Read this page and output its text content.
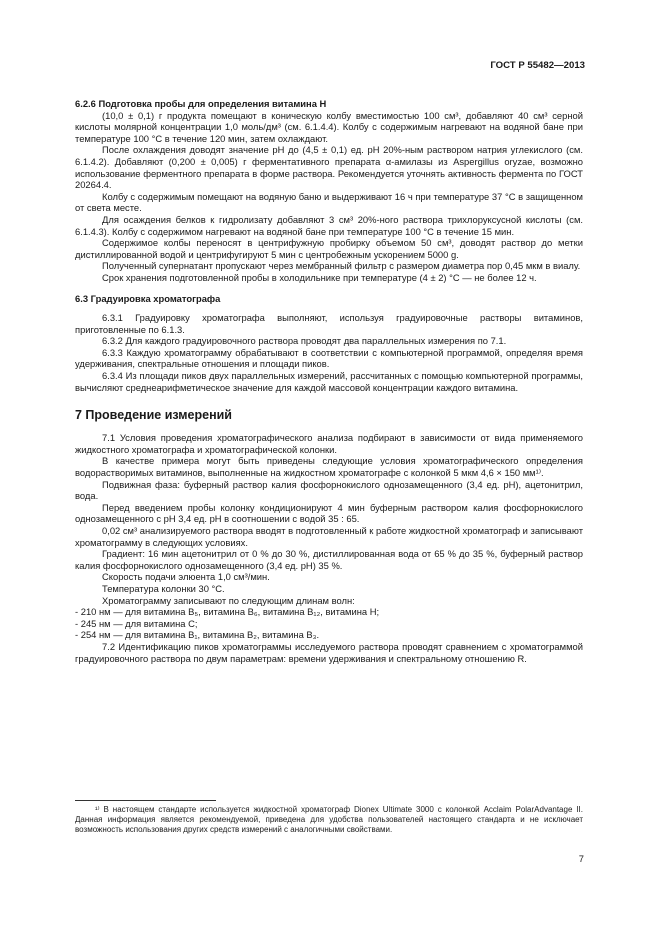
ГОСТ Р 55482—2013

6.2.6 Подготовка пробы для определения витамина Н

(10,0 ± 0,1) г продукта помещают в коническую колбу вместимостью 100 см³, добавляют 40 см³ серной кислоты молярной концентрации 1,0 моль/дм³ (см. 6.1.4.4). Колбу с содержимым нагревают на водяной бане при температуре 100 °С в течение 120 мин, затем охлаждают.

После охлаждения доводят значение рН до (4,5 ± 0,1) ед. рН 20%-ным раствором натрия углекислого (см. 6.1.4.2). Добавляют (0,200 ± 0,005) г ферментативного препарата α-амилазы из Aspergillus oryzae, возможно использование ферментного препарата в форме раствора. Рекомендуется уточнять активность фермента по ГОСТ 20264.4.

Колбу с содержимым помещают на водяную баню и выдерживают 16 ч при температуре 37 °С в защищенном от света месте.

Для осаждения белков к гидролизату добавляют 3 см³ 20%-ного раствора трихлоруксусной кислоты (см. 6.1.4.3). Колбу с содержимом нагревают на водяной бане при температуре 100 °С в течение 15 мин.

Содержимое колбы переносят в центрифужную пробирку объемом 50 см³, доводят раствор до метки дистиллированной водой и центрифугируют 5 мин с центробежным ускорением 5000 g.

Полученный супернатант пропускают через мембранный фильтр с размером диаметра пор 0,45 мкм в виалу.

Срок хранения подготовленной пробы в холодильнике при температуре (4 ± 2) °С — не более 12 ч.

6.3 Градуировка хроматографа

6.3.1 Градуировку хроматографа выполняют, используя градуировочные растворы витаминов, приготовленные по 6.1.3.

6.3.2 Для каждого градуировочного раствора проводят два параллельных измерения по 7.1.

6.3.3 Каждую хроматограмму обрабатывают в соответствии с компьютерной программой, определяя время удерживания, спектральные отношения и площади пиков.

6.3.4 Из площади пиков двух параллельных измерений, рассчитанных с помощью компьютерной программы, вычисляют среднеарифметическое значение для каждой массовой концентрации каждого витамина.

7 Проведение измерений

7.1 Условия проведения хроматографического анализа подбирают в зависимости от вида применяемого жидкостного хроматографа и хроматографической колонки.

В качестве примера могут быть приведены следующие условия хроматографического определения водорастворимых витаминов, выполненные на жидкостном хроматографе с колонкой 5 мкм 4,6 × 150 мм¹⁾.

Подвижная фаза: буферный раствор калия фосфорнокислого однозамещенного (3,4 ед. рН), ацетонитрил, вода.

Перед введением пробы колонку кондиционируют 4 мин буферным раствором калия фосфорнокислого однозамещенного с рН 3,4 ед. рН в соотношении с водой 35 : 65.

0,02 см³ анализируемого раствора вводят в подготовленный к работе жидкостной хроматограф и записывают хроматограмму в следующих условиях.

Градиент: 16 мин ацетонитрил от 0 % до 30 %, дистиллированная вода от 65 % до 35 %, буферный раствор калия фосфорнокислого однозамещенного (3,4 ед. рН) 35 %.

Скорость подачи элюента 1,0 см³/мин.

Температура колонки 30 °С.

Хроматограмму записывают по следующим длинам волн:

- 210 нм — для витамина В₅, витамина В₆, витамина В₁₂, витамина Н;

- 245 нм — для витамина С;

- 254 нм — для витамина В₁, витамина В₂, витамина В₃.

7.2 Идентификацию пиков хроматограммы исследуемого раствора проводят сравнением с хроматограммой градуировочного раствора по двум параметрам: времени удерживания и спектральному отношению R.

¹⁾ В настоящем стандарте используется жидкостной хроматограф Dionex Ultimate 3000 с колонкой Acclaim PolarAdvantage II. Данная информация является рекомендуемой, приведена для удобства пользователей настоящего стандарта и не исключает возможность использования других средств измерений с аналогичными свойствами.

7
